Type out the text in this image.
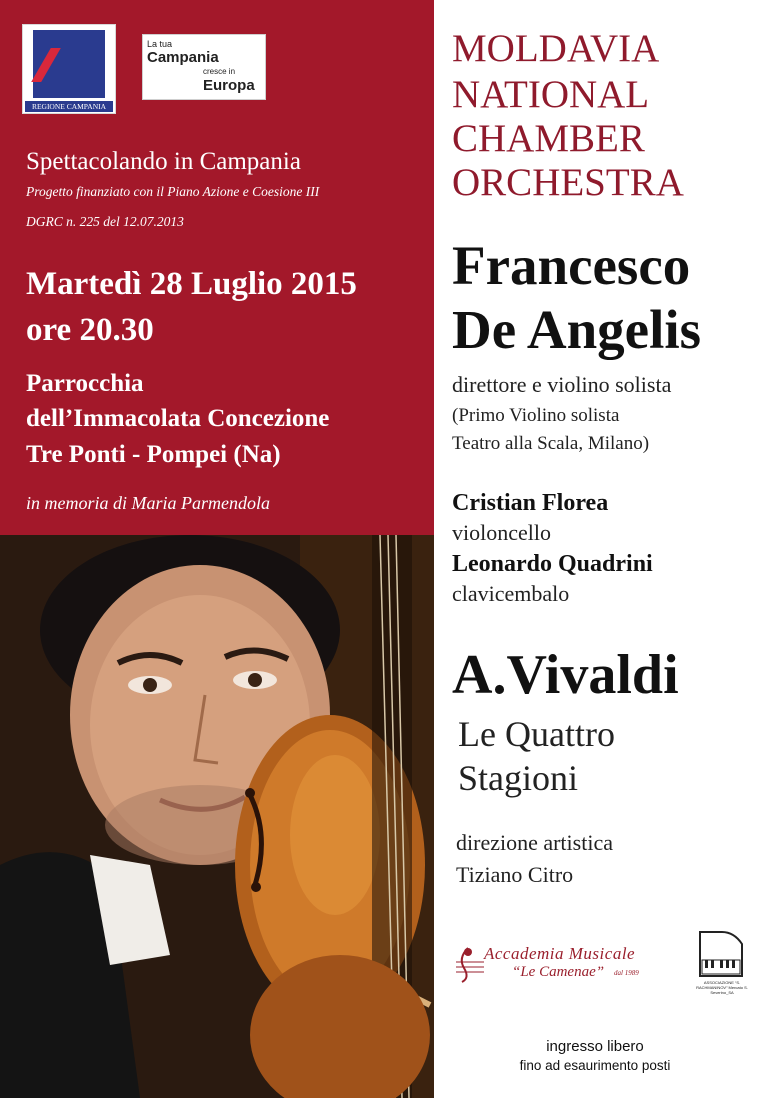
REGIONE CAMPANIA
La tua
Campania
cresce in
Europa
Spettacolando in Campania
Progetto finanziato con il Piano Azione e Coesione III
DGRC n. 225 del 12.07.2013
Martedì 28 Luglio 2015
ore 20.30
Parrocchia
dell’Immacolata Concezione
Tre Ponti - Pompei (Na)
in memoria di Maria Parmendola
MOLDAVIA
NATIONAL
CHAMBER
ORCHESTRA
Francesco
De Angelis
direttore e violino solista
(Primo Violino solista
Teatro alla Scala, Milano)
Cristian Florea
violoncello
Leonardo Quadrini
clavicembalo
A.Vivaldi
Le Quattro
Stagioni
direzione artistica
Tiziano Citro
Accademia Musicale
“Le Camenae” dal 1989
ASSOCIAZIONE “S. RACHMANINOV” Mercato S. Severino_SA
ingresso libero
fino ad esaurimento posti
